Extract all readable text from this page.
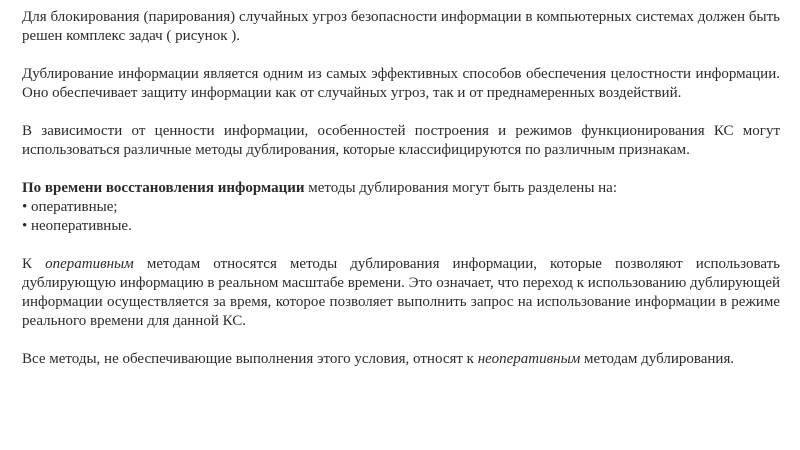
Для блокирования (парирования) случайных угроз безопасности информации в компьютерных системах должен быть решен комплекс задач ( рисунок ).

Дублирование информации является одним из самых эффективных способов обеспечения целостности информации. Оно обеспечивает защиту информации как от случайных угроз, так и от преднамеренных воздействий.

В зависимости от ценности информации, особенностей построения и режимов функционирования КС могут использоваться различные методы дублирования, которые классифицируются по различным признакам.

По времени восстановления информации методы дублирования могут быть разделены на:

• оперативные;

• неоперативные.

К оперативным методам относятся методы дублирования информации, которые позволяют использовать дублирующую информацию в реальном масштабе времени. Это означает, что переход к использованию дублирующей информации осуществляется за время, которое позволяет выполнить запрос на использование информации в режиме реального времени для данной КС.

Все методы, не обеспечивающие выполнения этого условия, относят к неоперативным методам дублирования.
